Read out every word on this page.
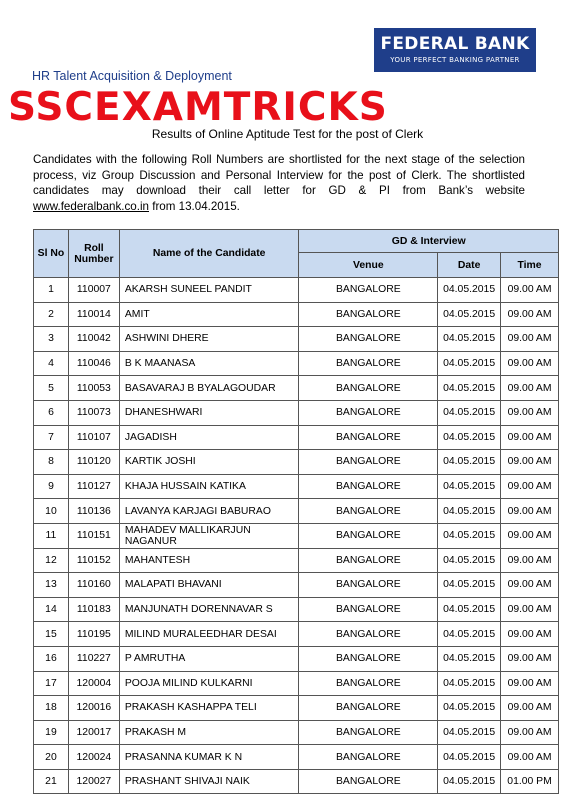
FEDERAL BANK
YOUR PERFECT BANKING PARTNER
HR Talent Acquisition & Deployment
SSCEXAMTRICKS
Results of Online Aptitude Test for the post of Clerk
Candidates with the following Roll Numbers are shortlisted for the next stage of the selection process, viz Group Discussion and Personal Interview for the post of Clerk. The shortlisted candidates may download their call letter for GD & PI from Bank’s website www.federalbank.co.in from 13.04.2015.
Sl No	Roll Number	Name of the Candidate	GD & Interview		
			Venue	Date	Time
1	110007	AKARSH SUNEEL PANDIT	BANGALORE	04.05.2015	09.00 AM
2	110014	AMIT	BANGALORE	04.05.2015	09.00 AM
3	110042	ASHWINI DHERE	BANGALORE	04.05.2015	09.00 AM
4	110046	B K MAANASA	BANGALORE	04.05.2015	09.00 AM
5	110053	BASAVARAJ B BYALAGOUDAR	BANGALORE	04.05.2015	09.00 AM
6	110073	DHANESHWARI	BANGALORE	04.05.2015	09.00 AM
7	110107	JAGADISH	BANGALORE	04.05.2015	09.00 AM
8	110120	KARTIK JOSHI	BANGALORE	04.05.2015	09.00 AM
9	110127	KHAJA HUSSAIN KATIKA	BANGALORE	04.05.2015	09.00 AM
10	110136	LAVANYA KARJAGI BABURAO	BANGALORE	04.05.2015	09.00 AM
11	110151	MAHADEV MALLIKARJUN NAGANUR	BANGALORE	04.05.2015	09.00 AM
12	110152	MAHANTESH	BANGALORE	04.05.2015	09.00 AM
13	110160	MALAPATI BHAVANI	BANGALORE	04.05.2015	09.00 AM
14	110183	MANJUNATH DORENNAVAR S	BANGALORE	04.05.2015	09.00 AM
15	110195	MILIND MURALEEDHAR DESAI	BANGALORE	04.05.2015	09.00 AM
16	110227	P AMRUTHA	BANGALORE	04.05.2015	09.00 AM
17	120004	POOJA MILIND KULKARNI	BANGALORE	04.05.2015	09.00 AM
18	120016	PRAKASH KASHAPPA TELI	BANGALORE	04.05.2015	09.00 AM
19	120017	PRAKASH M	BANGALORE	04.05.2015	09.00 AM
20	120024	PRASANNA KUMAR K N	BANGALORE	04.05.2015	09.00 AM
21	120027	PRASHANT SHIVAJI NAIK	BANGALORE	04.05.2015	01.00 PM
